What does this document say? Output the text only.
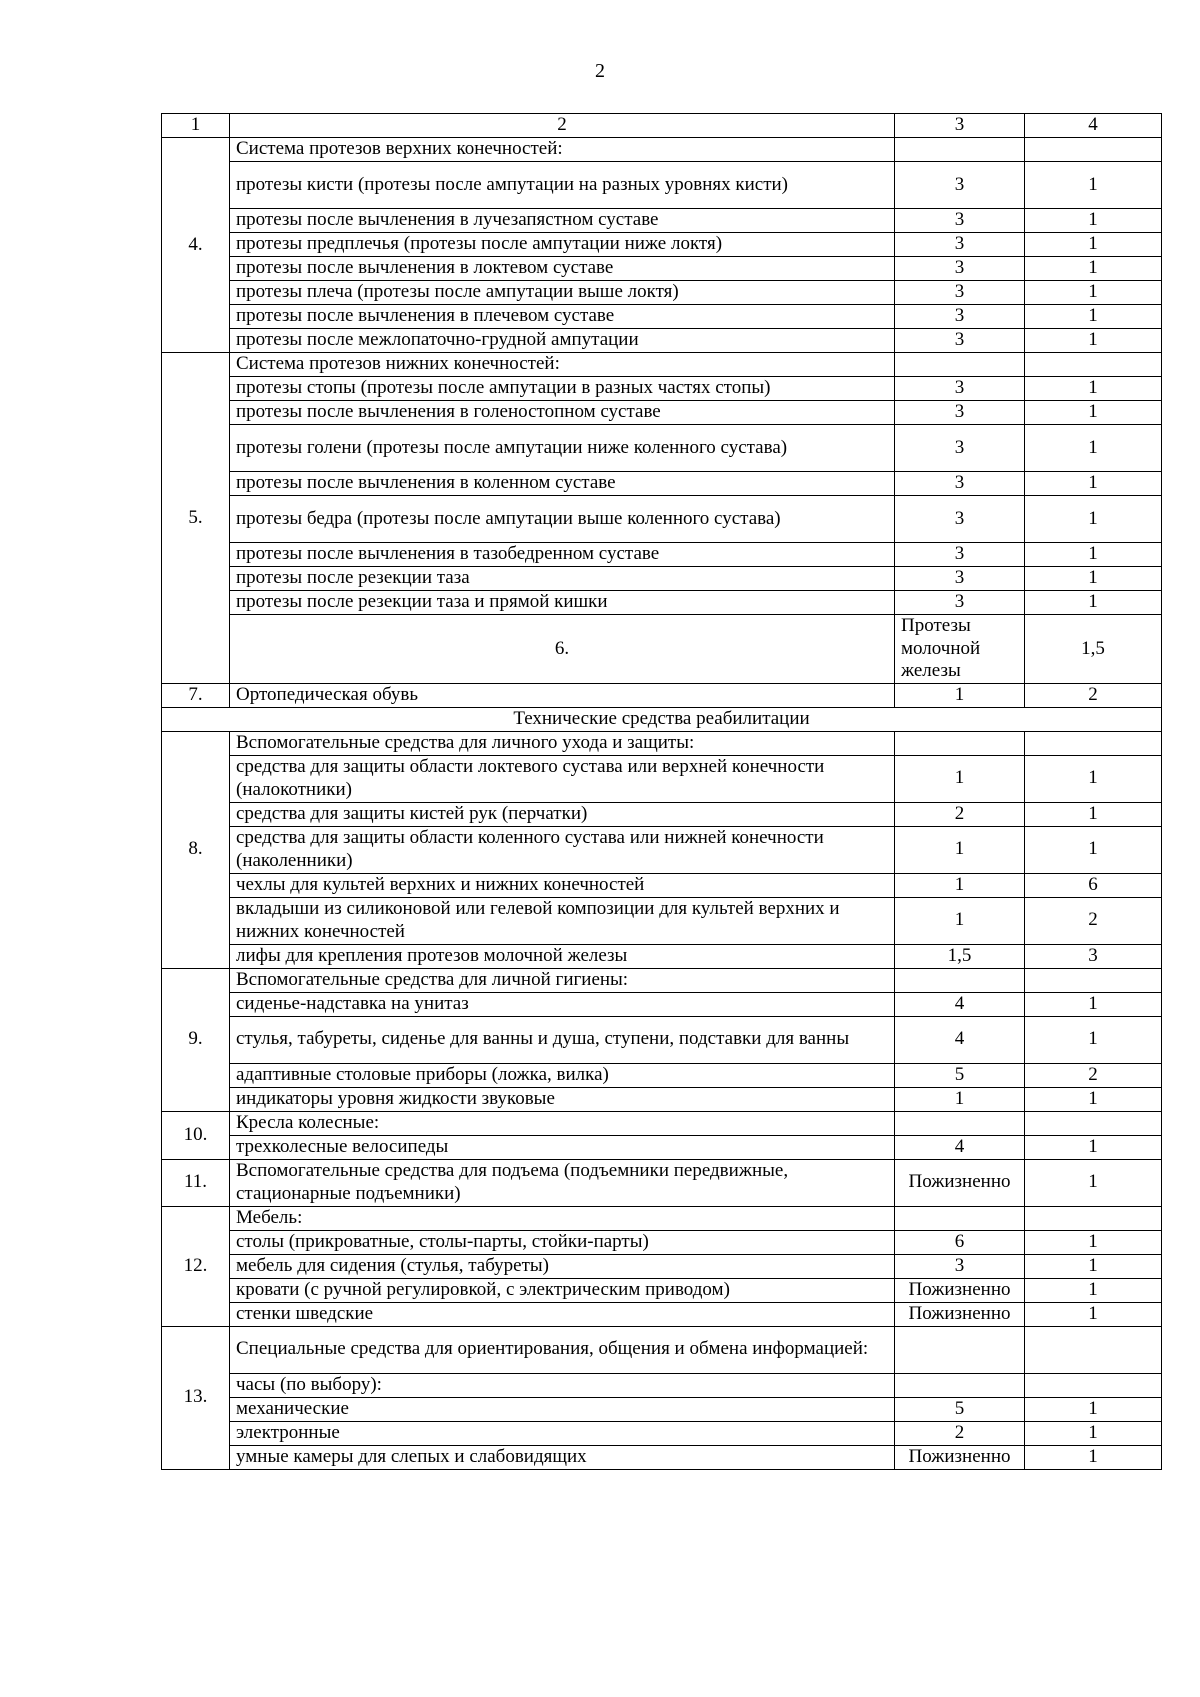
2
1	2	3	4	
4.	Система протезов верхних конечностей:			
	протезы кисти (протезы после ампутации на разных уровнях кисти)	3	1	
	протезы после вычленения в лучезапястном суставе	3	1	
	протезы предплечья (протезы после ампутации ниже локтя)	3	1	
	протезы после вычленения в локтевом суставе	3	1	
	протезы плеча (протезы после ампутации выше локтя)	3	1	
	протезы после вычленения в плечевом суставе	3	1	
	протезы после межлопаточно-грудной ампутации	3	1	
5.	Система протезов нижних конечностей:			
	протезы стопы (протезы после ампутации в разных частях стопы)	3	1	
	протезы после вычленения в голеностопном суставе	3	1	
	протезы голени (протезы после ампутации ниже коленного сустава)	3	1	
	протезы после вычленения в коленном суставе	3	1	
	протезы бедра (протезы после ампутации выше коленного сустава)	3	1	
	протезы после вычленения в тазобедренном суставе	3	1	
	протезы после резекции таза	3	1	
	протезы после резекции таза и прямой кишки	3	1	
	6.	Протезы молочной железы	1,5	
7.	Ортопедическая обувь	1	2	
Технические средства реабилитации				
8.	Вспомогательные средства для личного ухода и защиты:			
	средства для защиты области локтевого сустава или верхней конечности (налокотники)	1	1	
	средства для защиты кистей рук (перчатки)	2	1	
	средства для защиты области коленного сустава или нижней конечности (наколенники)	1	1	
	чехлы для культей верхних и нижних конечностей	1	6	
	вкладыши из силиконовой или гелевой композиции для культей верхних и нижних конечностей	1	2	
	лифы для крепления протезов молочной железы	1,5	3	
9.	Вспомогательные средства для личной гигиены:			
	сиденье-надставка на унитаз	4	1	
	стулья, табуреты, сиденье для ванны и душа, ступени, подставки для ванны	4	1	
	адаптивные столовые приборы (ложка, вилка)	5	2	
	индикаторы уровня жидкости звуковые	1	1	
10.	Кресла колесные:			
	трехколесные велосипеды	4	1	
11.	Вспомогательные средства для подъема (подъемники передвижные, стационарные подъемники)	Пожизненно	1	
12.	Мебель:			
	столы (прикроватные, столы-парты, стойки-парты)	6	1	
	мебель для сидения (стулья, табуреты)	3	1	
	кровати (с ручной регулировкой, с электрическим приводом)	Пожизненно	1	
	стенки шведские	Пожизненно	1	
13.	Специальные средства для ориентирования, общения и обмена информацией:			
	часы (по выбору):			
	механические	5	1	
	электронные	2	1	
	умные камеры для слепых и слабовидящих	Пожизненно	1	
